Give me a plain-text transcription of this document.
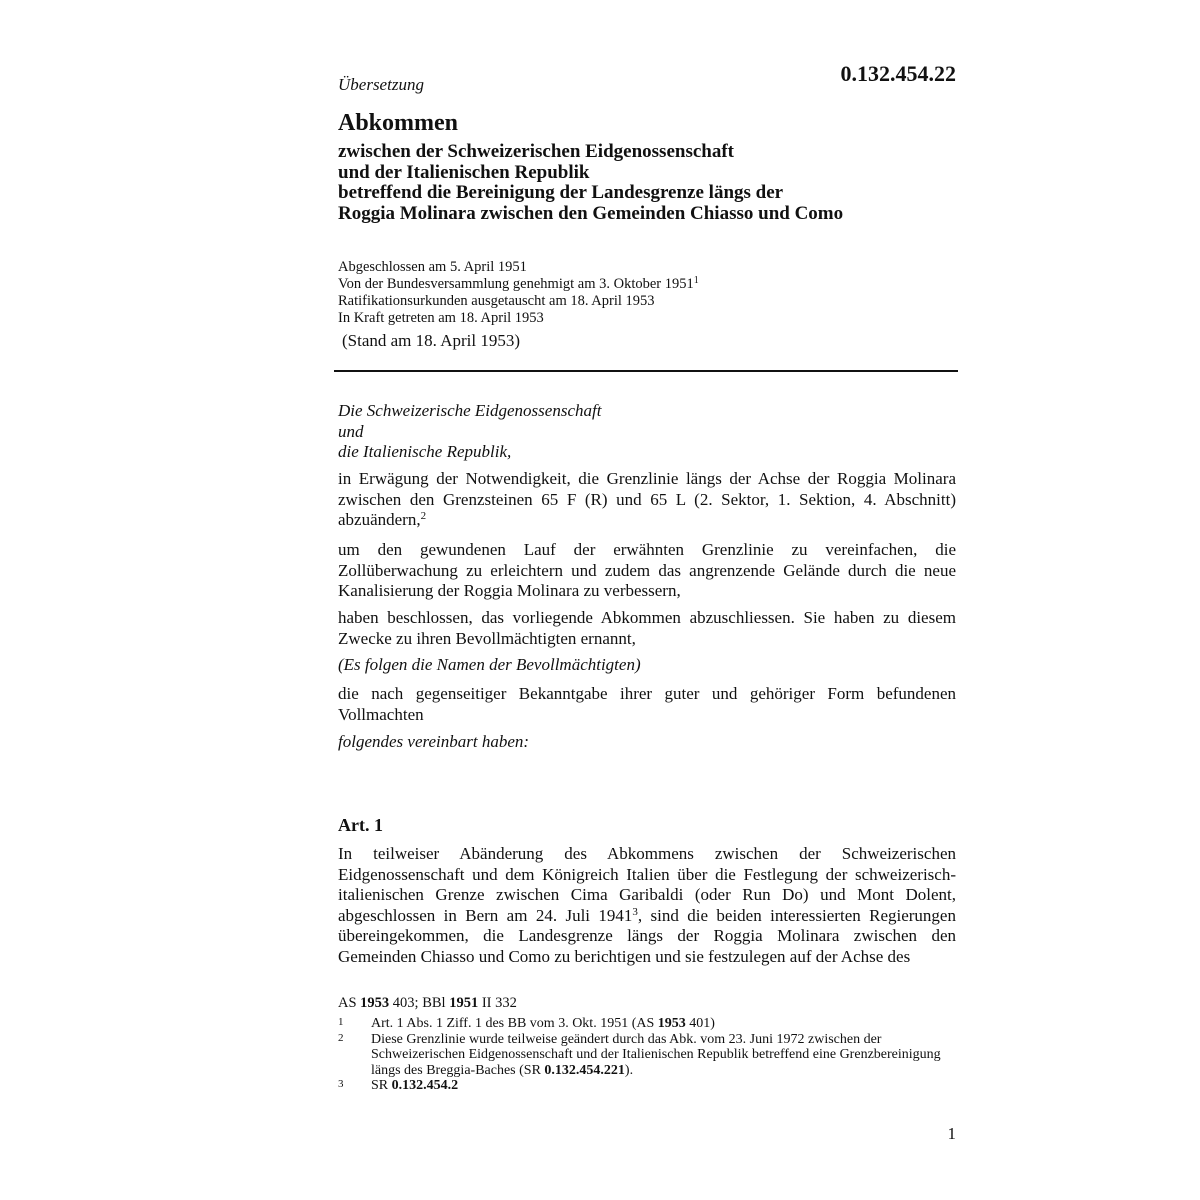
0.132.454.22
Übersetzung
Abkommen
zwischen der Schweizerischen Eidgenossenschaft
und der Italienischen Republik
betreffend die Bereinigung der Landesgrenze längs der
Roggia Molinara zwischen den Gemeinden Chiasso und Como
Abgeschlossen am 5. April 1951
Von der Bundesversammlung genehmigt am 3. Oktober 1951$^1$
Ratifikationsurkunden ausgetauscht am 18. April 1953
In Kraft getreten am 18. April 1953
(Stand am 18. April 1953)
Die Schweizerische Eidgenossenschaft
und
die Italienische Republik,
in Erwägung der Notwendigkeit, die Grenzlinie längs der Achse der Roggia Molinara zwischen den Grenzsteinen 65 F (R) und 65 L (2. Sektor, 1. Sektion, 4. Abschnitt) abzuändern,$^2$
um den gewundenen Lauf der erwähnten Grenzlinie zu vereinfachen, die Zollüberwachung zu erleichtern und zudem das angrenzende Gelände durch die neue Kanalisierung der Roggia Molinara zu verbessern,
haben beschlossen, das vorliegende Abkommen abzuschliessen. Sie haben zu diesem Zwecke zu ihren Bevollmächtigten ernannt,
(Es folgen die Namen der Bevollmächtigten)
die nach gegenseitiger Bekanntgabe ihrer guter und gehöriger Form befundenen Vollmachten
folgendes vereinbart haben:
Art. 1
In teilweiser Abänderung des Abkommens zwischen der Schweizerischen Eidgenossenschaft und dem Königreich Italien über die Festlegung der schweizerisch-italienischen Grenze zwischen Cima Garibaldi (oder Run Do) und Mont Dolent, abgeschlossen in Bern am 24. Juli 1941$^3$, sind die beiden interessierten Regierungen übereingekommen, die Landesgrenze längs der Roggia Molinara zwischen den Gemeinden Chiasso und Como zu berichtigen und sie festzulegen auf der Achse des
AS 1953 403; BBl 1951 II 332
1	Art. 1 Abs. 1 Ziff. 1 des BB vom 3. Okt. 1951 (AS 1953 401)
2	Diese Grenzlinie wurde teilweise geändert durch das Abk. vom 23. Juni 1972 zwischen der Schweizerischen Eidgenossenschaft und der Italienischen Republik betreffend eine Grenzbereinigung längs des Breggia-Baches (SR 0.132.454.221).
3	SR 0.132.454.2
1
